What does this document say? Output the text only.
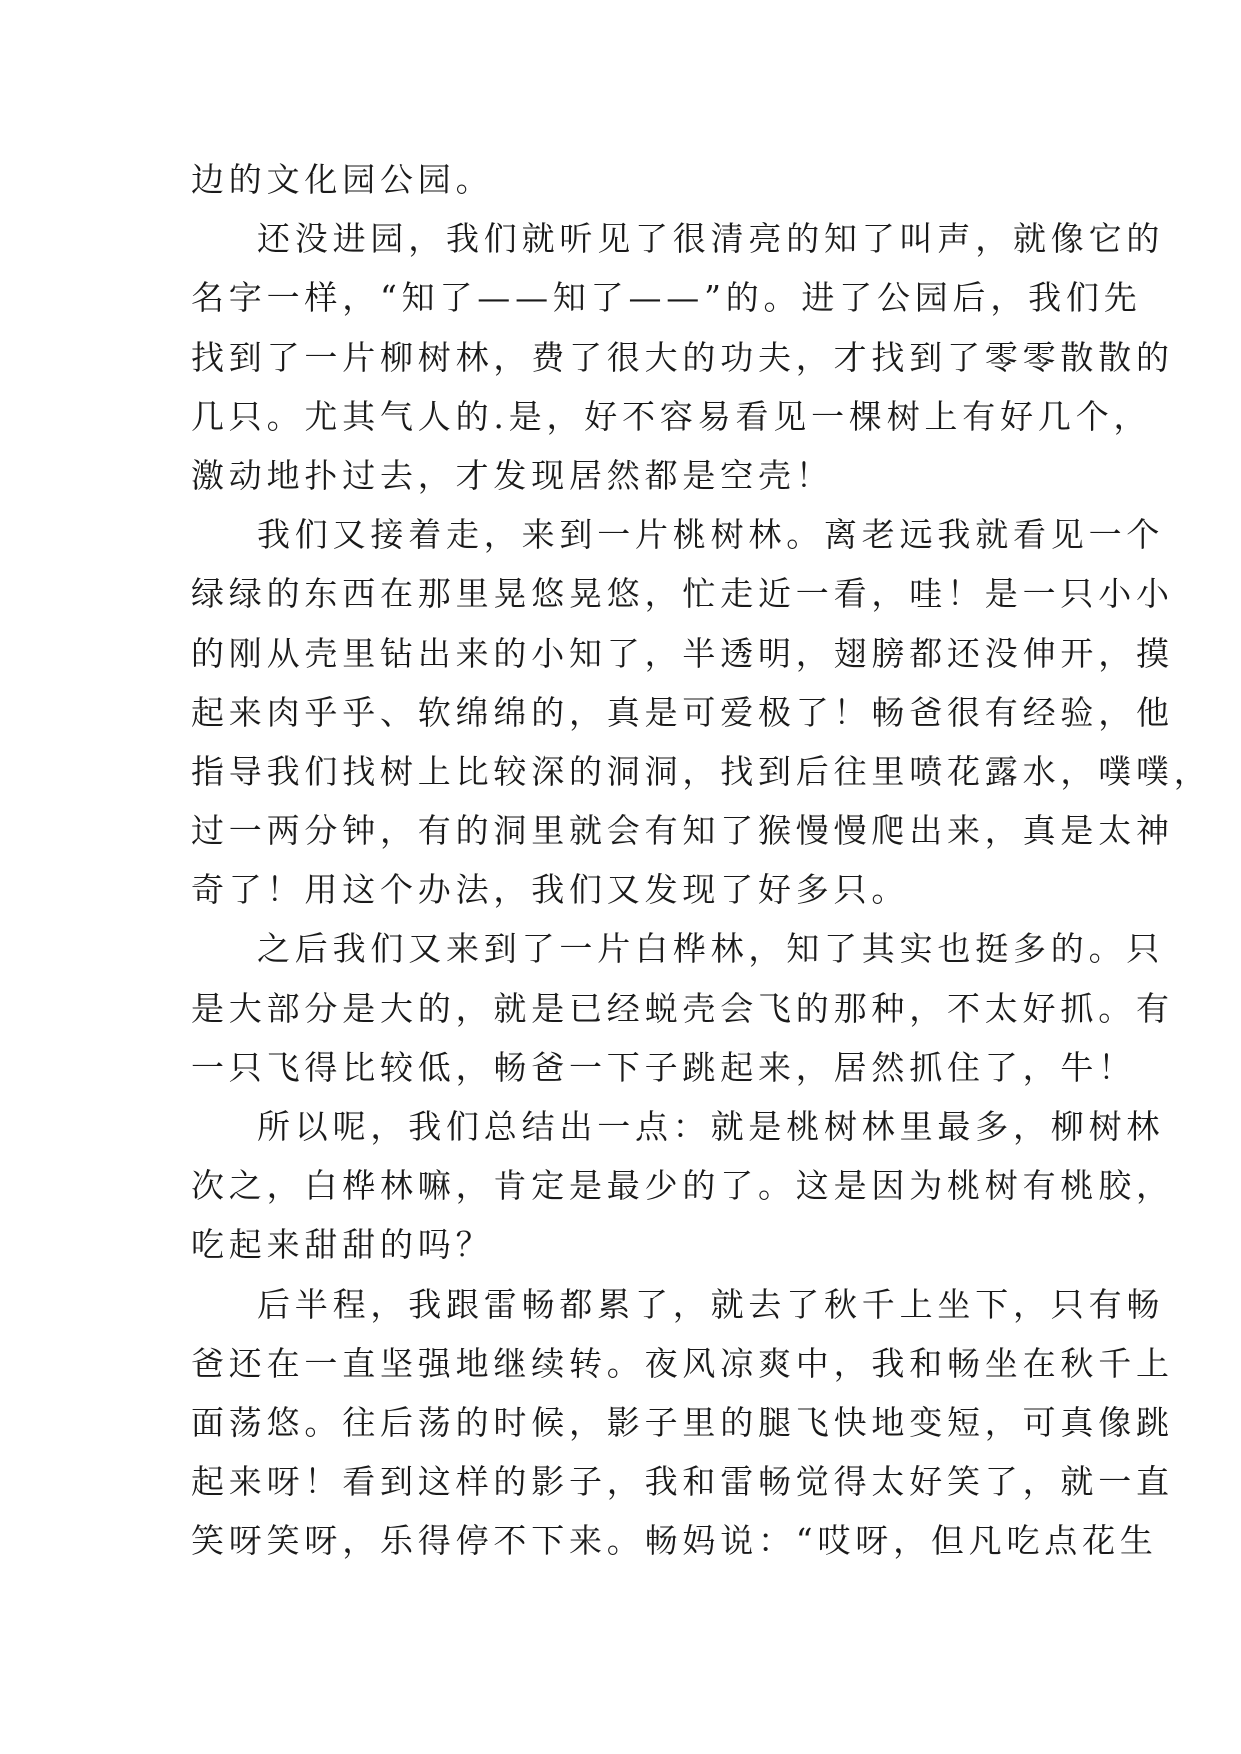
边的文化园公园。
还没进园，我们就听见了很清亮的知了叫声，就像它的
名字一样，“知了——知了——”的。进了公园后，我们先
找到了一片柳树林，费了很大的功夫，才找到了零零散散的
几只。尤其气人的.是，好不容易看见一棵树上有好几个，
激动地扑过去，才发现居然都是空壳！
我们又接着走，来到一片桃树林。离老远我就看见一个
绿绿的东西在那里晃悠晃悠，忙走近一看，哇！是一只小小
的刚从壳里钻出来的小知了，半透明，翅膀都还没伸开，摸
起来肉乎乎、软绵绵的，真是可爱极了！畅爸很有经验，他
指导我们找树上比较深的洞洞，找到后往里喷花露水，噗噗，
过一两分钟，有的洞里就会有知了猴慢慢爬出来，真是太神
奇了！用这个办法，我们又发现了好多只。
之后我们又来到了一片白桦林，知了其实也挺多的。只
是大部分是大的，就是已经蜕壳会飞的那种，不太好抓。有
一只飞得比较低，畅爸一下子跳起来，居然抓住了，牛！
所以呢，我们总结出一点：就是桃树林里最多，柳树林
次之，白桦林嘛，肯定是最少的了。这是因为桃树有桃胶，
吃起来甜甜的吗？
后半程，我跟雷畅都累了，就去了秋千上坐下，只有畅
爸还在一直坚强地继续转。夜风凉爽中，我和畅坐在秋千上
面荡悠。往后荡的时候，影子里的腿飞快地变短，可真像跳
起来呀！看到这样的影子，我和雷畅觉得太好笑了，就一直
笑呀笑呀，乐得停不下来。畅妈说：“哎呀，但凡吃点花生
